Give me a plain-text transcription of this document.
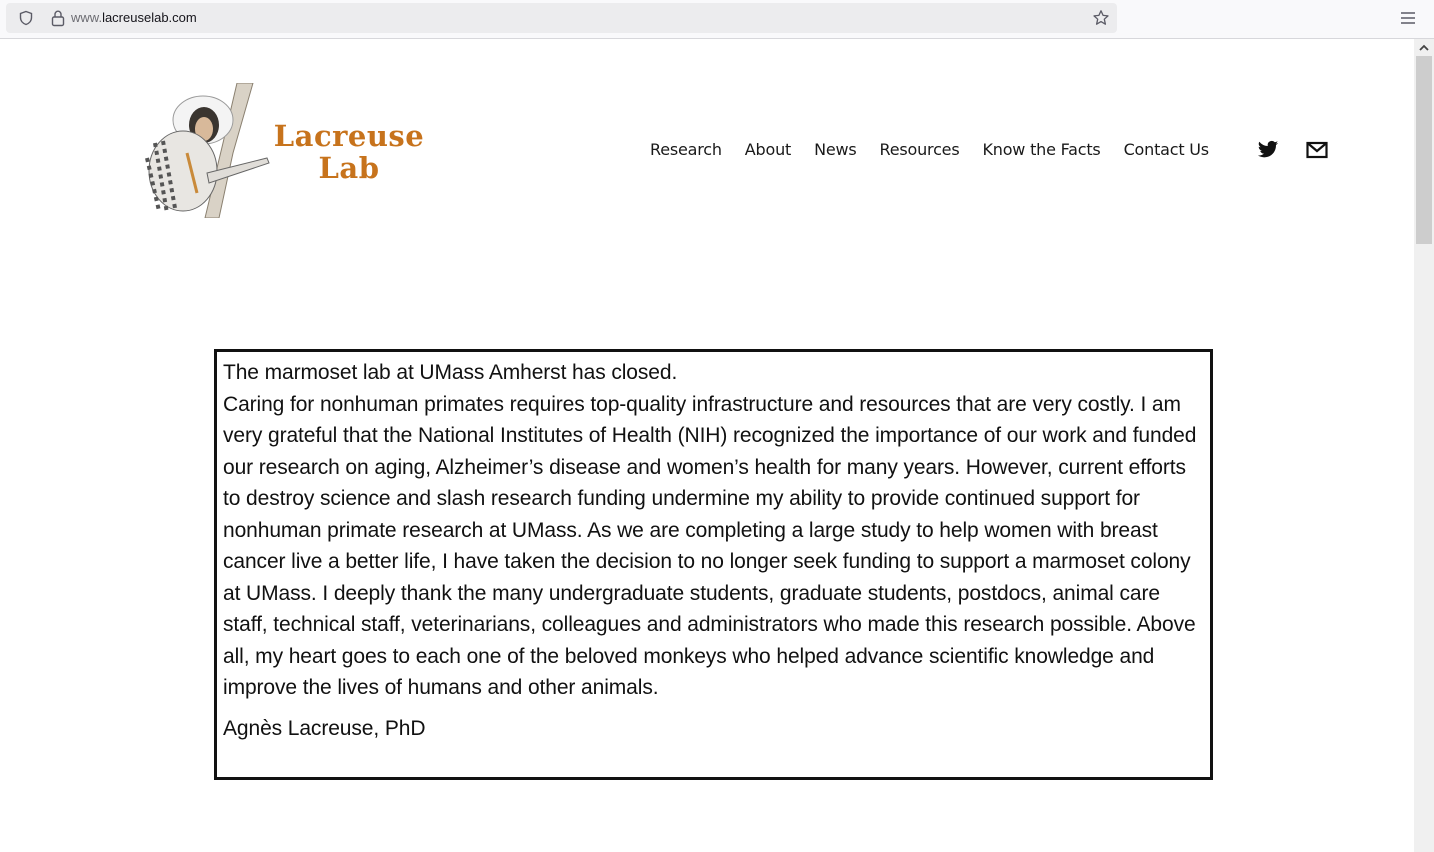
www.lacreuselab.com
Lacreuse
Lab
Research About News Resources Know the Facts Contact Us

The marmoset lab at UMass Amherst has closed.

Caring for nonhuman primates requires top-quality infrastructure and resources that are very costly. I am very grateful that the National Institutes of Health (NIH) recognized the importance of our work and funded our research on aging, Alzheimer’s disease and women’s health for many years. However, current efforts to destroy science and slash research funding undermine my ability to provide continued support for nonhuman primate research at UMass. As we are completing a large study to help women with breast cancer live a better life, I have taken the decision to no longer seek funding to support a marmoset colony at UMass. I deeply thank the many undergraduate students, graduate students, postdocs, animal care staff, technical staff, veterinarians, colleagues and administrators who made this research possible. Above all, my heart goes to each one of the beloved monkeys who helped advance scientific knowledge and improve the lives of humans and other animals.

Agnès Lacreuse, PhD
